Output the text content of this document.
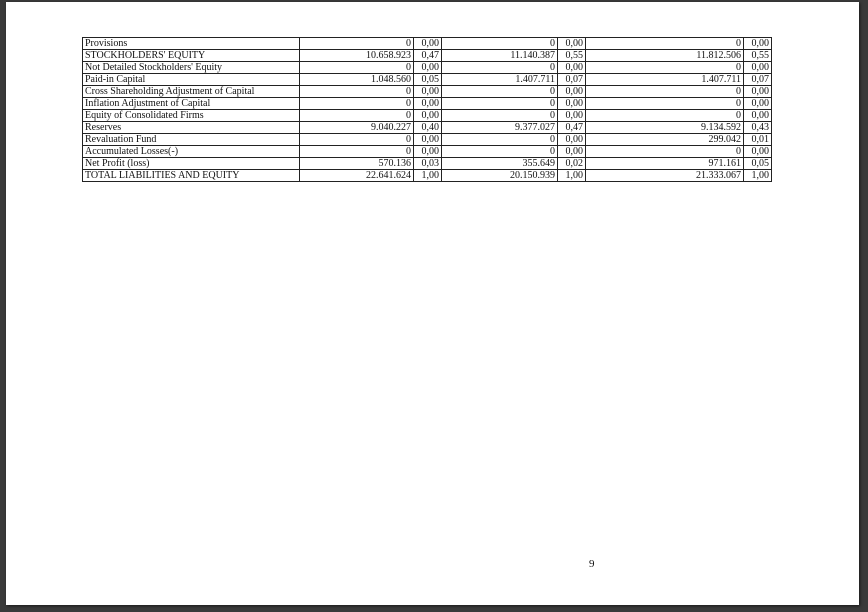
Provisions	0	0,00	0	0,00	0	0,00
STOCKHOLDERS' EQUITY	10.658.923	0,47	11.140.387	0,55	11.812.506	0,55
Not Detailed Stockholders' Equity	0	0,00	0	0,00	0	0,00
Paid-in Capital	1.048.560	0,05	1.407.711	0,07	1.407.711	0,07
Cross Shareholding Adjustment of Capital	0	0,00	0	0,00	0	0,00
Inflation Adjustment of Capital	0	0,00	0	0,00	0	0,00
Equity of Consolidated Firms	0	0,00	0	0,00	0	0,00
Reserves	9.040.227	0,40	9.377.027	0,47	9.134.592	0,43
Revaluation Fund	0	0,00	0	0,00	299.042	0,01
Accumulated Losses(-)	0	0,00	0	0,00	0	0,00
Net Profit (loss)	570.136	0,03	355.649	0,02	971.161	0,05
TOTAL LIABILITIES AND EQUITY	22.641.624	1,00	20.150.939	1,00	21.333.067	1,00
9
